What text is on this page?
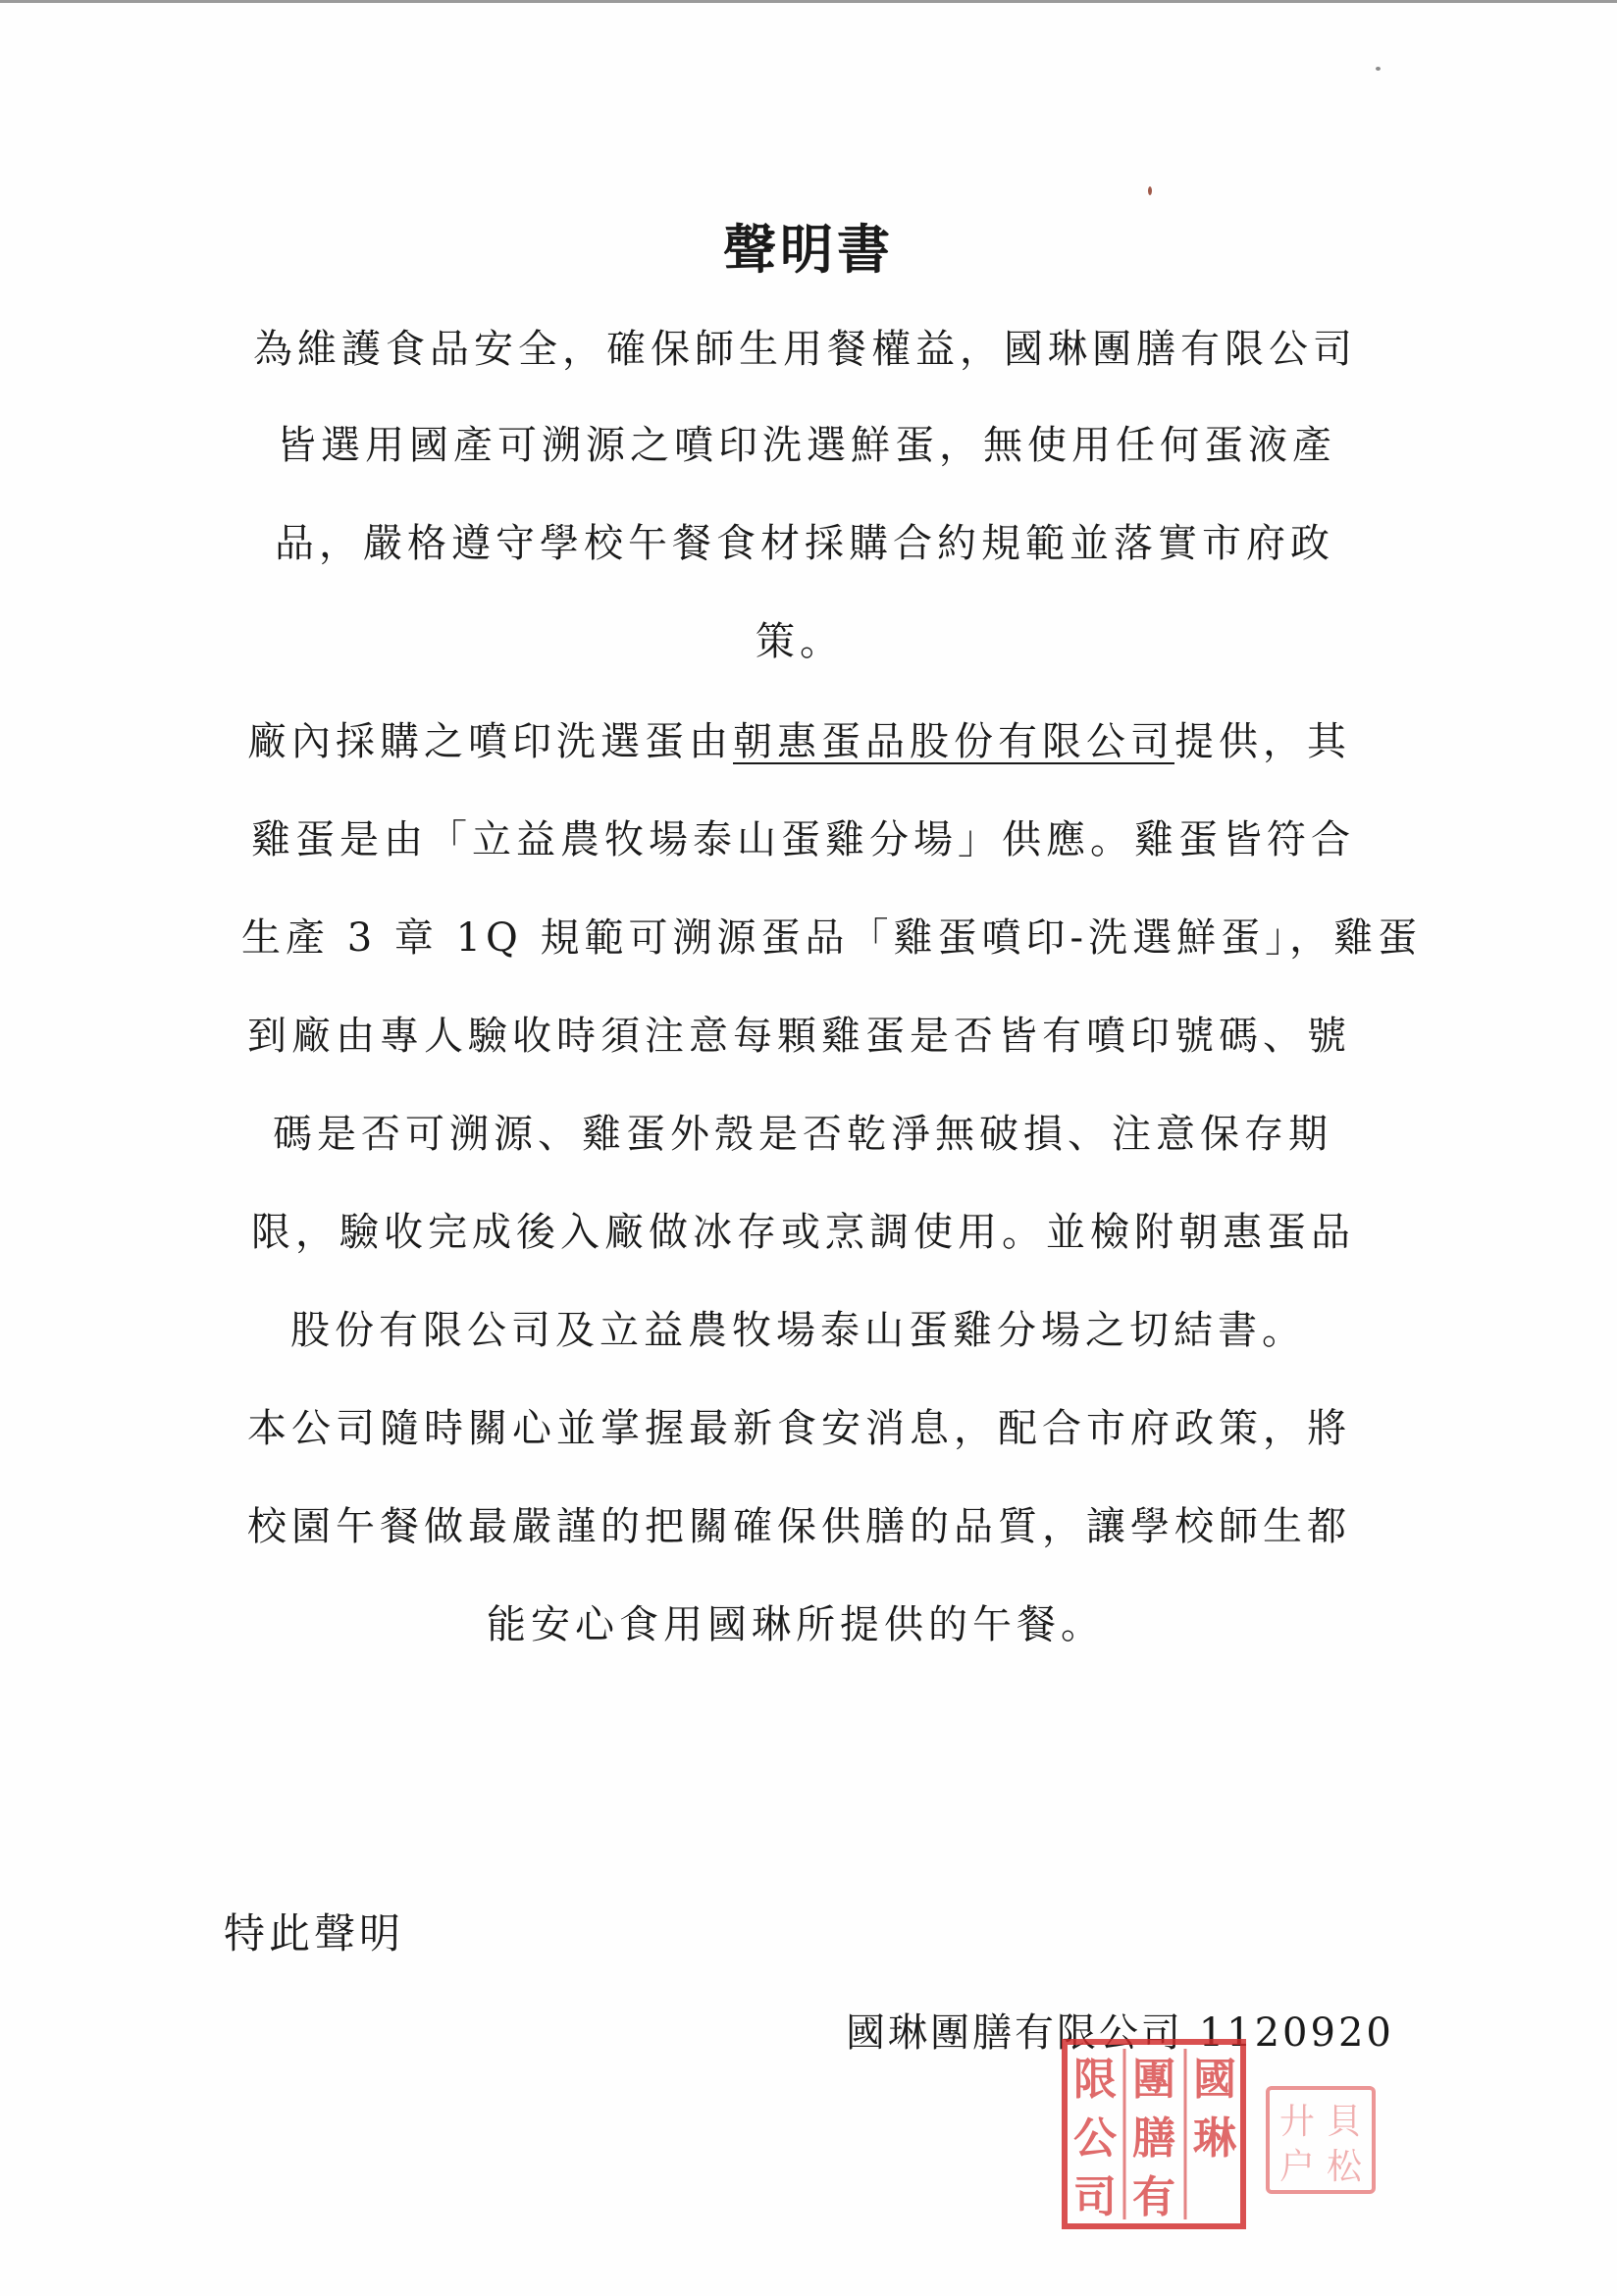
聲明書
為維護食品安全，確保師生用餐權益，國琳團膳有限公司
皆選用國產可溯源之噴印洗選鮮蛋，無使用任何蛋液產
品，嚴格遵守學校午餐食材採購合約規範並落實市府政
策。
廠內採購之噴印洗選蛋由朝惠蛋品股份有限公司提供，其
雞蛋是由「立益農牧場泰山蛋雞分場」供應。雞蛋皆符合
生產 3 章 1Q 規範可溯源蛋品「雞蛋噴印-洗選鮮蛋」，雞蛋
到廠由專人驗收時須注意每顆雞蛋是否皆有噴印號碼、號
碼是否可溯源、雞蛋外殼是否乾淨無破損、注意保存期
限，驗收完成後入廠做冰存或烹調使用。並檢附朝惠蛋品
股份有限公司及立益農牧場泰山蛋雞分場之切結書。
本公司隨時關心並掌握最新食安消息，配合市府政策，將
校園午餐做最嚴謹的把關確保供膳的品質，讓學校師生都
能安心食用國琳所提供的午餐。
特此聲明
國琳團膳有限公司 1120920
國
琳

團
膳
有
限
公
司
貝
松
廾
户
